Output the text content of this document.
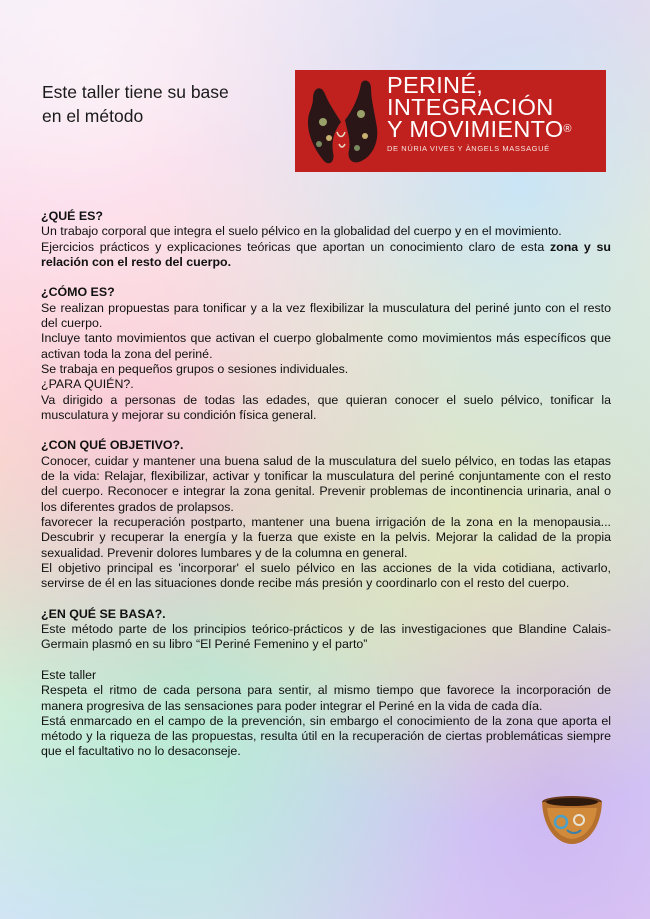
Este taller tiene su base en el método
PERINÉ,
INTEGRACIÓN
Y MOVIMIENTO®
DE NÚRIA VIVES Y ÀNGELS MASSAGUÉ
¿QUÉ ES?

Un trabajo corporal que integra el suelo pélvico en la globalidad del cuerpo y en el movimiento.

Ejercicios prácticos y explicaciones teóricas que aportan un conocimiento claro de esta zona y su relación con el resto del cuerpo.

¿CÓMO ES?

Se realizan propuestas para tonificar y a la vez flexibilizar la musculatura del periné junto con el resto del cuerpo.

Incluye tanto movimientos que activan el cuerpo globalmente como movimientos más específicos que activan toda la zona del periné.

Se trabaja en pequeños grupos o sesiones individuales.

¿PARA QUIÉN?.

Va dirigido a personas de todas las edades, que quieran conocer el suelo pélvico, tonificar la musculatura y mejorar su condición física general.

¿CON QUÉ OBJETIVO?.

Conocer, cuidar y mantener una buena salud de la musculatura del suelo pélvico, en todas las etapas de la vida: Relajar, flexibilizar, activar y tonificar la musculatura del periné conjuntamente con el resto del cuerpo. Reconocer e integrar la zona genital. Prevenir problemas de incontinencia urinaria, anal o los diferentes grados de prolapsos.

favorecer la recuperación postparto, mantener una buena irrigación de la zona en la menopausia... Descubrir y recuperar la energía y la fuerza que existe en la pelvis. Mejorar la calidad de la propia sexualidad. Prevenir dolores lumbares y de la columna en general.

El objetivo principal es 'incorporar' el suelo pélvico en las acciones de la vida cotidiana, activarlo, servirse de él en las situaciones donde recibe más presión y coordinarlo con el resto del cuerpo.

¿EN QUÉ SE BASA?.

Este método parte de los principios teórico-prácticos y de las investigaciones que Blandine Calais-Germain plasmó en su libro “El Periné Femenino y el parto”

Este taller

Respeta el ritmo de cada persona para sentir, al mismo tiempo que favorece la incorporación de manera progresiva de las sensaciones para poder integrar el Periné en la vida de cada día.

Está enmarcado en el campo de la prevención, sin embargo el conocimiento de la zona que aporta el método y la riqueza de las propuestas, resulta útil en la recuperación de ciertas problemáticas siempre que el facultativo no lo desaconseje.
